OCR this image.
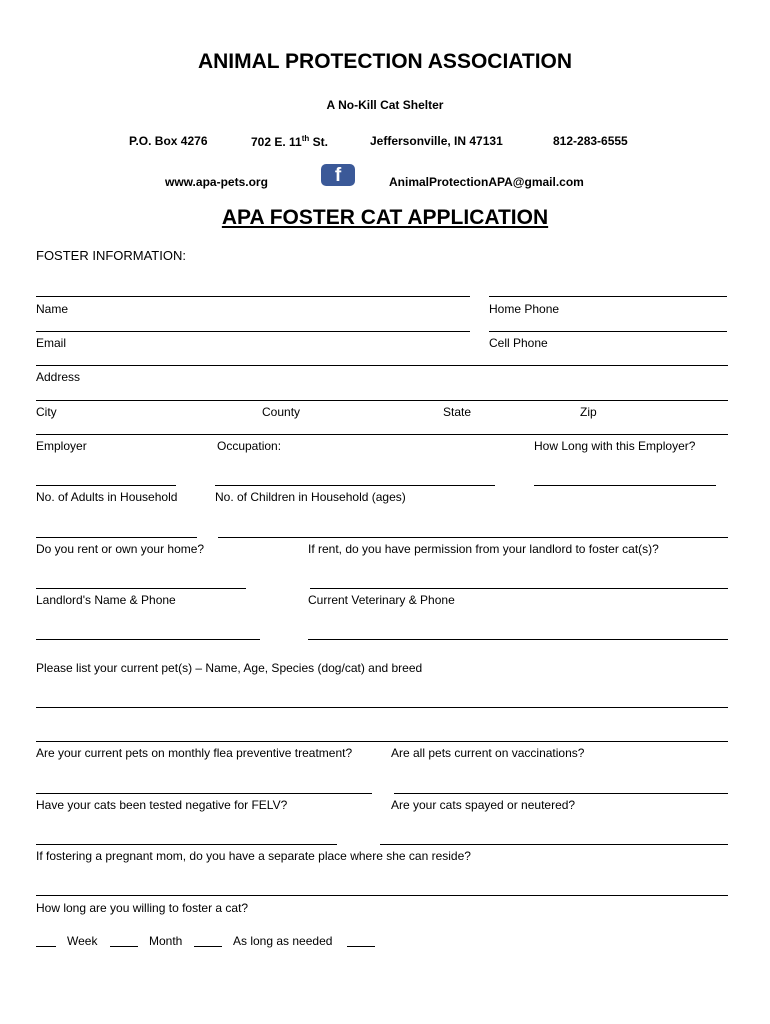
ANIMAL PROTECTION ASSOCIATION
A No-Kill Cat Shelter
P.O. Box 4276	702 E. 11th St.	Jeffersonville, IN 47131	812-283-6555
www.apa-pets.org	f	AnimalProtectionAPA@gmail.com
APA FOSTER CAT APPLICATION
FOSTER INFORMATION:
Name	Home Phone
Email	Cell Phone
Address
City	County	State	Zip
Employer	Occupation:	How Long with this Employer?
No. of Adults in Household	No. of Children in Household (ages)
Do you rent or own your home?	If rent, do you have permission from your landlord to foster cat(s)?
Landlord's Name & Phone	Current Veterinary & Phone
Please list your current pet(s) – Name, Age, Species (dog/cat) and breed
Are your current pets on monthly flea preventive treatment?	Are all pets current on vaccinations?
Have your cats been tested negative for FELV?	Are your cats spayed or neutered?
If fostering a pregnant mom, do you have a separate place where she can reside?
How long are you willing to foster a cat?
Week	Month	As long as needed
